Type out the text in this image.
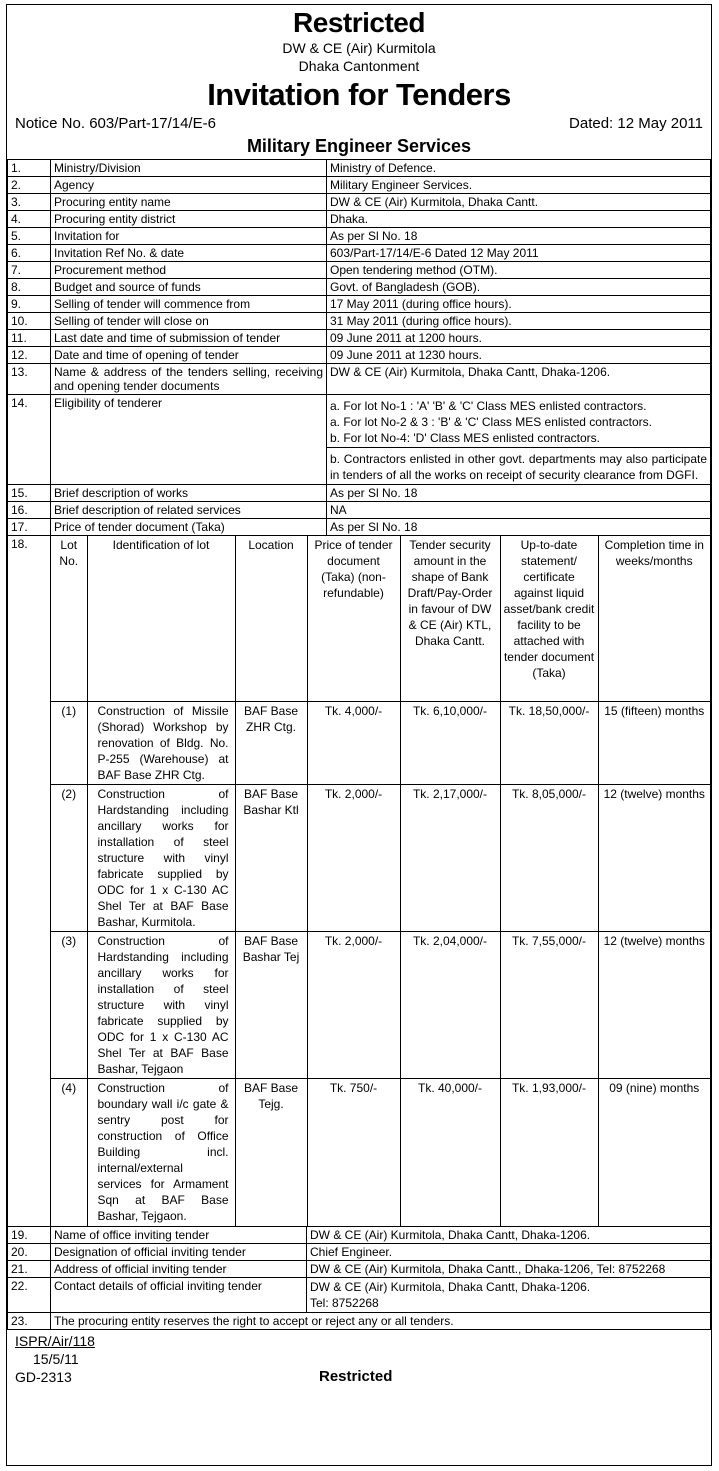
Restricted
DW & CE (Air) Kurmitola
Dhaka Cantonment
Invitation for Tenders
Notice No. 603/Part-17/14/E-6	Dated: 12 May 2011
Military Engineer Services
1.	Ministry/Division	Ministry of Defence.
2.	Agency	Military Engineer Services.
3.	Procuring entity name	DW & CE (Air) Kurmitola, Dhaka Cantt.
4.	Procuring entity district	Dhaka.
5.	Invitation for	As per Sl No. 18
6.	Invitation Ref No. & date	603/Part-17/14/E-6 Dated 12 May 2011
7.	Procurement method	Open tendering method (OTM).
8.	Budget and source of funds	Govt. of Bangladesh (GOB).
9.	Selling of tender will commence from	17 May 2011 (during office hours).
10.	Selling of tender will close on	31 May 2011 (during office hours).
11.	Last date and time of submission of tender	09 June 2011 at 1200 hours.
12.	Date and time of opening of tender	09 June 2011 at 1230 hours.
13.	Name & address of the tenders selling, receiving and opening tender documents	DW & CE (Air) Kurmitola, Dhaka Cantt, Dhaka-1206.
14.	Eligibility of tenderer	a. For lot No-1 : 'A' 'B' & 'C' Class MES enlisted contractors.

a. For lot No-2 & 3 : 'B' & 'C' Class MES enlisted contractors.

b. For lot No-4: 'D' Class MES enlisted contractors.

b. Contractors enlisted in other govt. departments may also participate in tenders of all the works on receipt of security clearance from DGFI.

15.	Brief description of works	As per Sl No. 18
16.	Brief description of related services	NA
17.	Price of tender document (Taka)	As per Sl No. 18
18.		Lot No.	Identification of lot	Location	Price of tender document (Taka) (non-refundable)	Tender security amount in the shape of Bank Draft/Pay-Order in favour of DW & CE (Air) KTL, Dhaka Cantt.	Up-to-date statement/ certificate against liquid asset/bank credit facility to be attached with tender document (Taka)	Completion time in weeks/months
(1)	Construction of Missile (Shorad) Workshop by renovation of Bldg. No. P-255 (Warehouse) at BAF Base ZHR Ctg.	BAF Base ZHR Ctg.	Tk. 4,000/-	Tk. 6,10,000/-	Tk. 18,50,000/-	15 (fifteen) months
(2)	Construction of Hardstanding including ancillary works for installation of steel structure with vinyl fabricate supplied by ODC for 1 x C-130 AC Shel Ter at BAF Base Bashar, Kurmitola.	BAF Base Bashar Ktl	Tk. 2,000/-	Tk. 2,17,000/-	Tk. 8,05,000/-	12 (twelve) months
(3)	Construction of Hardstanding including ancillary works for installation of steel structure with vinyl fabricate supplied by ODC for 1 x C-130 AC Shel Ter at BAF Base Bashar, Tejgaon	BAF Base Bashar Tej	Tk. 2,000/-	Tk. 2,04,000/-	Tk. 7,55,000/-	12 (twelve) months
(4)	Construction of boundary wall i/c gate & sentry post for construction of Office Building incl. internal/external services for Armament Sqn at BAF Base Bashar, Tejgaon.	BAF Base Tejg.	Tk. 750/-	Tk. 40,000/-	Tk. 1,93,000/-	09 (nine) months
19.	Name of office inviting tender	DW & CE (Air) Kurmitola, Dhaka Cantt, Dhaka-1206.
20.	Designation of official inviting tender	Chief Engineer.
21.	Address of official inviting tender	DW & CE (Air) Kurmitola, Dhaka Cantt., Dhaka-1206, Tel: 8752268
22.	Contact details of official inviting tender	DW & CE (Air) Kurmitola, Dhaka Cantt, Dhaka-1206.
Tel: 8752268

23.	The procuring entity reserves the right to accept or reject any or all tenders.	
ISPR/Air/118
15/5/11
GD-2313	Restricted
